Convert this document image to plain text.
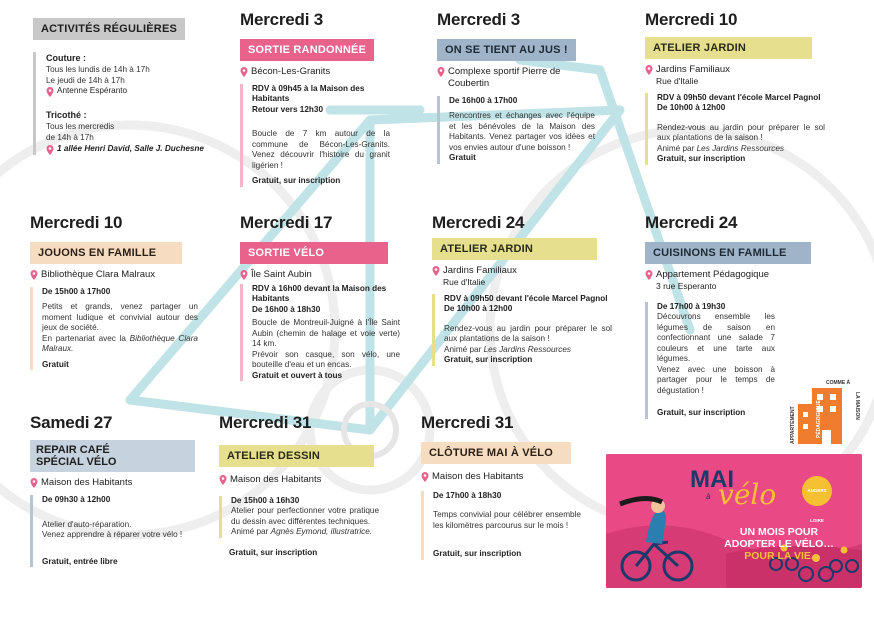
ACTIVITÉS RÉGULIÈRES
Couture :
Tous les lundis de 14h à 17h
Le jeudi de 14h à 17h
Antenne Espéranto
Tricothé :
Tous les mercredis
de 14h à 17h
1 allée Henri David, Salle J. Duchesne
Mercredi 3
SORTIE RANDONNÉE
Bécon-Les-Granits
RDV à 09h45 à la Maison des Habitants
Retour vers 12h30
Boucle de 7 km autour de la commune de Bécon-Les-Granits. Venez découvrir l'histoire du granit ligérien !
Gratuit, sur inscription
Mercredi 3
ON SE TIENT AU JUS !
Complexe sportif Pierre de Coubertin
De 16h00 à 17h00
Rencontres et échanges avec l'équipe et les bénévoles de la Maison des Habitants. Venez partager vos idées et vos envies autour d'une boisson !
Gratuit
Mercredi 10
ATELIER JARDIN
Jardins Familiaux
Rue d'Italie
RDV à 09h50 devant l'école Marcel Pagnol
De 10h00 à 12h00
Rendez-vous au jardin pour préparer le sol aux plantations de la saison !
Animé par Les Jardins Ressources
Gratuit, sur inscription
Mercredi 10
JOUONS EN FAMILLE
Bibliothèque Clara Malraux
De 15h00 à 17h00
Petits et grands, venez partager un moment ludique et convivial autour des jeux de société.
En partenariat avec la Bibliothèque Clara Malraux.
Gratuit
Mercredi 17
SORTIE VÉLO
Île Saint Aubin
RDV à 16h00 devant la Maison des Habitants
De 16h00 à 18h30
Boucle de Montreuil-Juigné à l'Île Saint Aubin (chemin de halage et voie verte) 14 km.
Prévoir son casque, son vélo, une bouteille d'eau et un encas.
Gratuit et ouvert à tous
Mercredi 24
ATELIER JARDIN
Jardins Familiaux
Rue d'Italie
RDV à 09h50 devant l'école Marcel Pagnol
De 10h00 à 12h00
Rendez-vous au jardin pour préparer le sol aux plantations de la saison !
Animé par Les Jardins Ressources
Gratuit, sur inscription
Mercredi 24
CUISINONS EN FAMILLE
Appartement Pédagogique
3 rue Esperanto
De 17h00 à 19h30
Découvrons ensemble les légumes de saison en confectionnant une salade 7 couleurs et une tarte aux légumes.
Venez avec une boisson à partager pour le temps de dégustation !
Gratuit, sur inscription
Samedi 27
REPAIR CAFÉ
SPÉCIAL VÉLO
Maison des Habitants
De 09h30 à 12h00
Atelier d'auto-réparation.
Venez apprendre à réparer votre vélo !
Gratuit, entrée libre
Mercredi 31
ATELIER DESSIN
Maison des Habitants
De 15h00 à 16h30
Atelier pour perfectionner votre pratique du dessin avec différentes techniques.
Animé par Agnès Eymond, illustratrice.
Gratuit, sur inscription
Mercredi 31
CLÔTURE MAI À VÉLO
Maison des Habitants
De 17h00 à 18h30
Temps convivial pour célébrer ensemble les kilomètres parcourus sur le mois !
Gratuit, sur inscription
APPARTEMENT	PÉDAGOGIQUE
COMME À
LA MAISON
MAI
à vélo	ANGERS LOIRE
UN MOIS POUR
ADOPTER LE VÉLO…
POUR LA VIE.
